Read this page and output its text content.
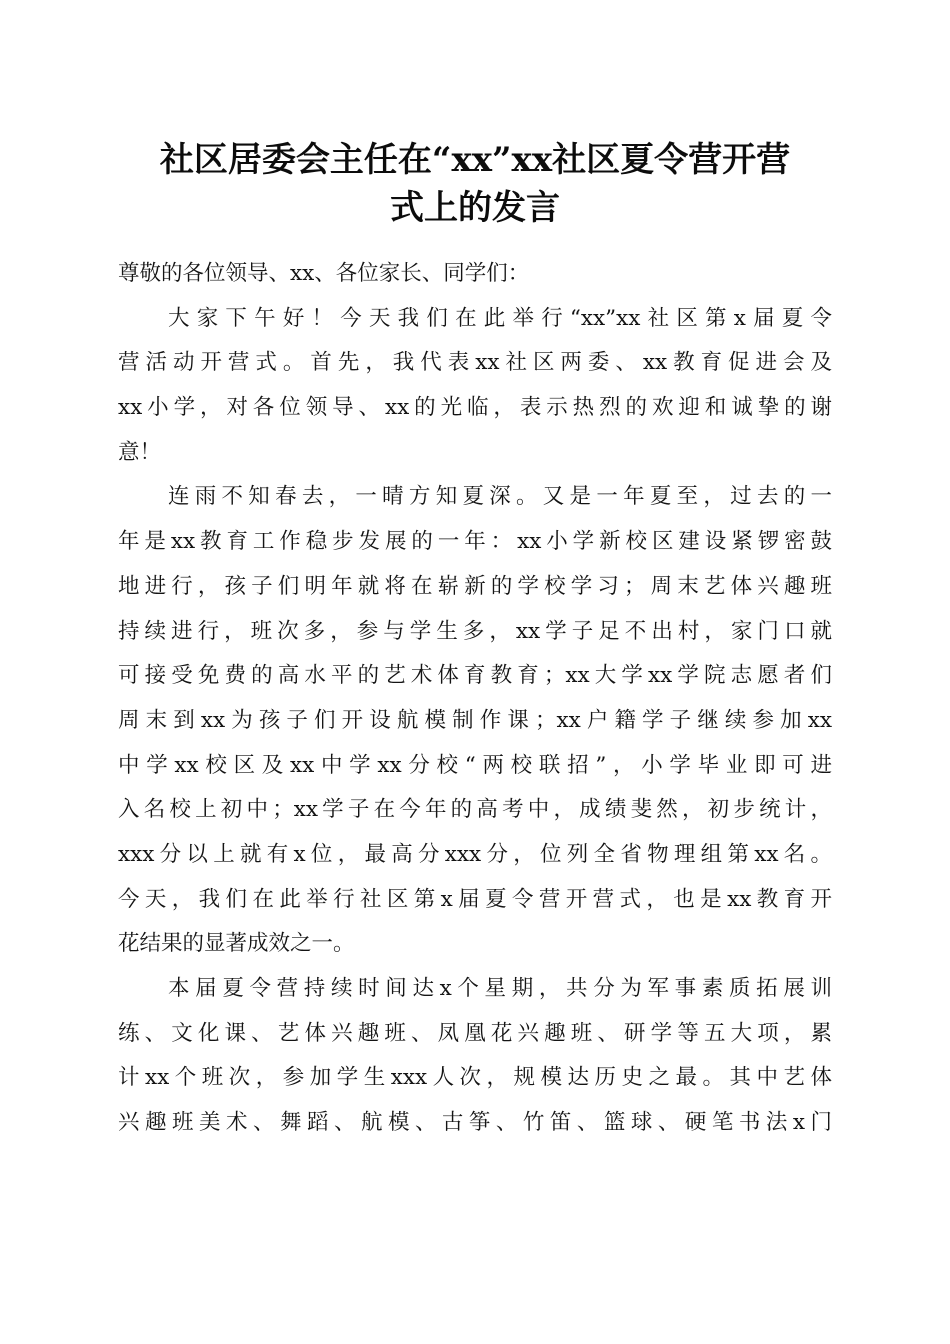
社区居委会主任在“xx”xx社区夏令营开营
式上的发言
尊敬的各位领导、xx、各位家长、同学们：
大家下午好！今天我们在此举行“xx”xx社区第x届夏令
营活动开营式。首先，我代表xx社区两委、xx教育促进会及
xx小学，对各位领导、xx的光临，表示热烈的欢迎和诚挚的谢
意！
连雨不知春去，一晴方知夏深。又是一年夏至，过去的一
年是xx教育工作稳步发展的一年：xx小学新校区建设紧锣密鼓
地进行，孩子们明年就将在崭新的学校学习；周末艺体兴趣班
持续进行，班次多，参与学生多，xx学子足不出村，家门口就
可接受免费的高水平的艺术体育教育；xx大学xx学院志愿者们
周末到xx为孩子们开设航模制作课；xx户籍学子继续参加xx
中学xx校区及xx中学xx分校“两校联招”，小学毕业即可进
入名校上初中；xx学子在今年的高考中，成绩斐然，初步统计，
xxx分以上就有x位，最高分xxx分，位列全省物理组第xx名。
今天，我们在此举行社区第x届夏令营开营式，也是xx教育开
花结果的显著成效之一。
本届夏令营持续时间达x个星期，共分为军事素质拓展训
练、文化课、艺体兴趣班、凤凰花兴趣班、研学等五大项，累
计xx个班次，参加学生xxx人次，规模达历史之最。其中艺体
兴趣班美术、舞蹈、航模、古筝、竹笛、篮球、硬笔书法x门
